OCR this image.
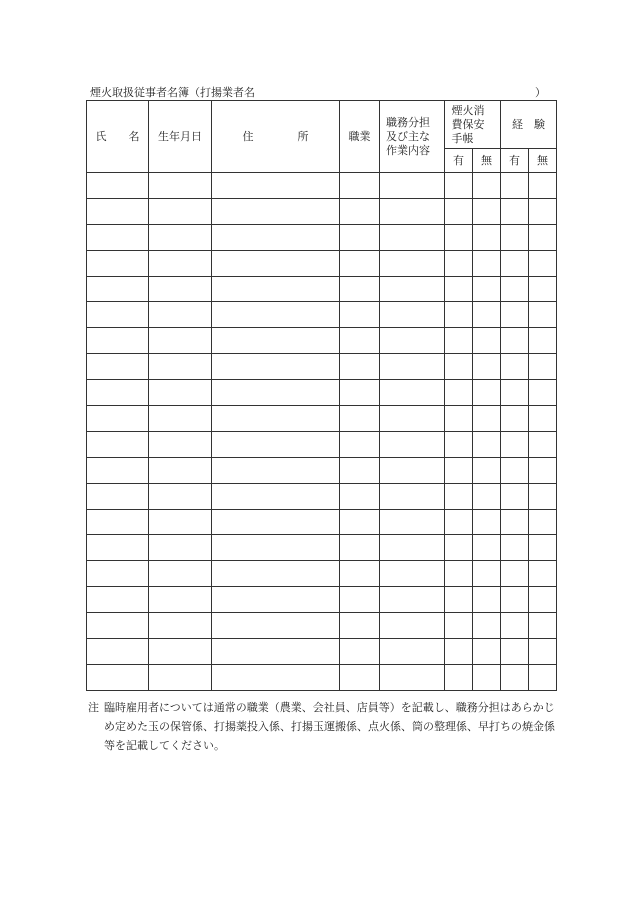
煙火取扱従事者名簿（打揚業者名	）
氏　　名	生年月日	住　　　　所	職業	職務分担及び主な作業内容	煙火消費保安手帳		経　験	
					有	無	有	無

注 臨時雇用者については通常の職業（農業、会社員、店員等）を記載し、職務分担はあらかじめ定めた玉の保管係、打揚薬投入係、打揚玉運搬係、点火係、筒の整理係、早打ちの焼金係等を記載してください。
